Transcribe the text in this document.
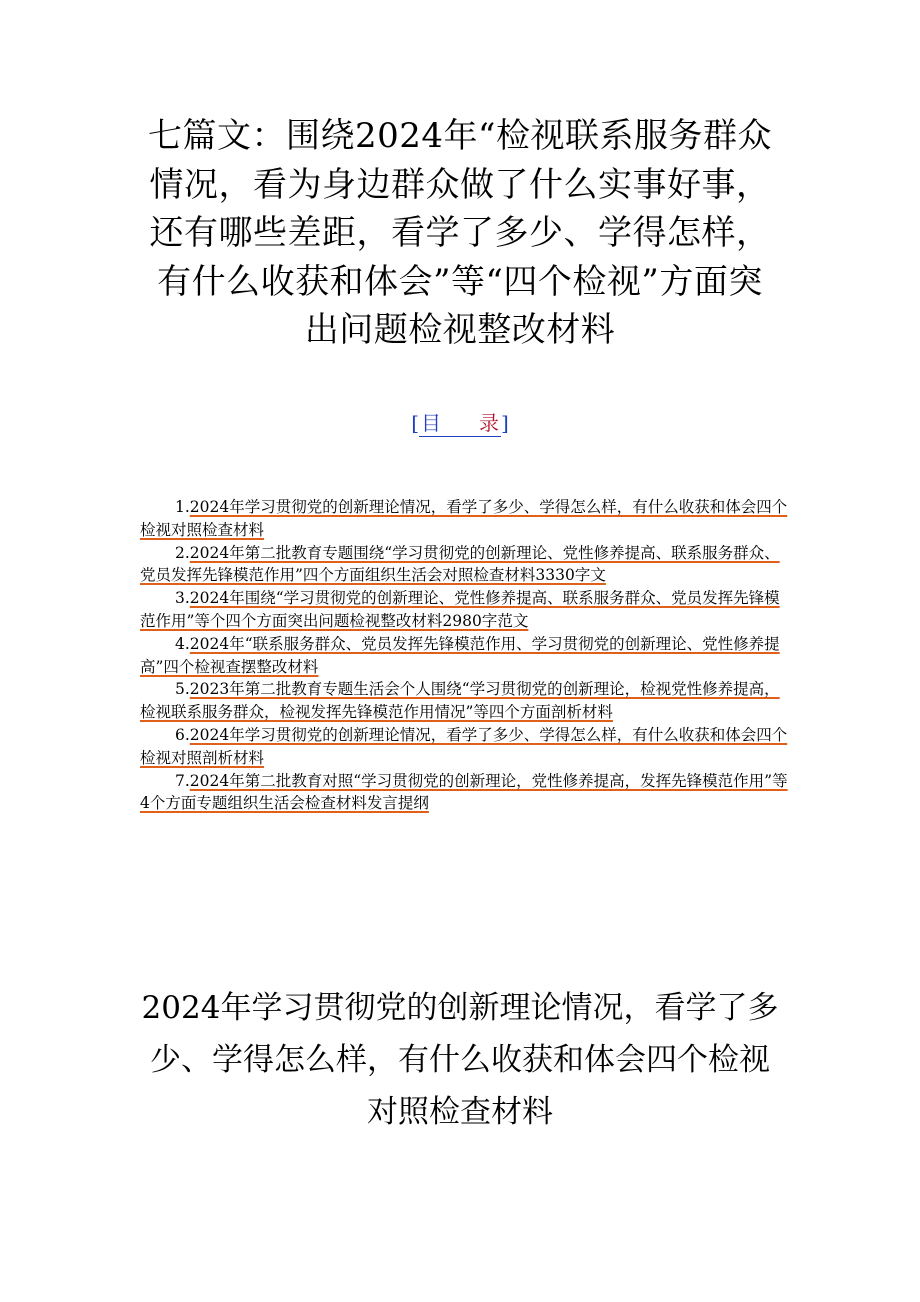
七篇文：围绕2024年“检视联系服务群众情况，看为身边群众做了什么实事好事，还有哪些差距，看学了多少、学得怎样，有什么收获和体会”等“四个检视”方面突出问题检视整改材料
[ 目 录 ]

1.2024年学习贯彻党的创新理论情况，看学了多少、学得怎么样，有什么收获和体会四个检视对照检查材料

2.2024年第二批教育专题围绕“学习贯彻党的创新理论、党性修养提高、联系服务群众、党员发挥先锋模范作用”四个方面组织生活会对照检查材料3330字文

3.2024年围绕“学习贯彻党的创新理论、党性修养提高、联系服务群众、党员发挥先锋模范作用”等个四个方面突出问题检视整改材料2980字范文

4.2024年“联系服务群众、党员发挥先锋模范作用、学习贯彻党的创新理论、党性修养提高”四个检视查摆整改材料

5.2023年第二批教育专题生活会个人围绕“学习贯彻党的创新理论，检视党性修养提高，检视联系服务群众，检视发挥先锋模范作用情况”等四个方面剖析材料

6.2024年学习贯彻党的创新理论情况，看学了多少、学得怎么样，有什么收获和体会四个检视对照剖析材料

7.2024年第二批教育对照“学习贯彻党的创新理论，党性修养提高，发挥先锋模范作用”等4个方面专题组织生活会检查材料发言提纲

2024年学习贯彻党的创新理论情况，看学了多少、学得怎么样，有什么收获和体会四个检视对照检查材料
